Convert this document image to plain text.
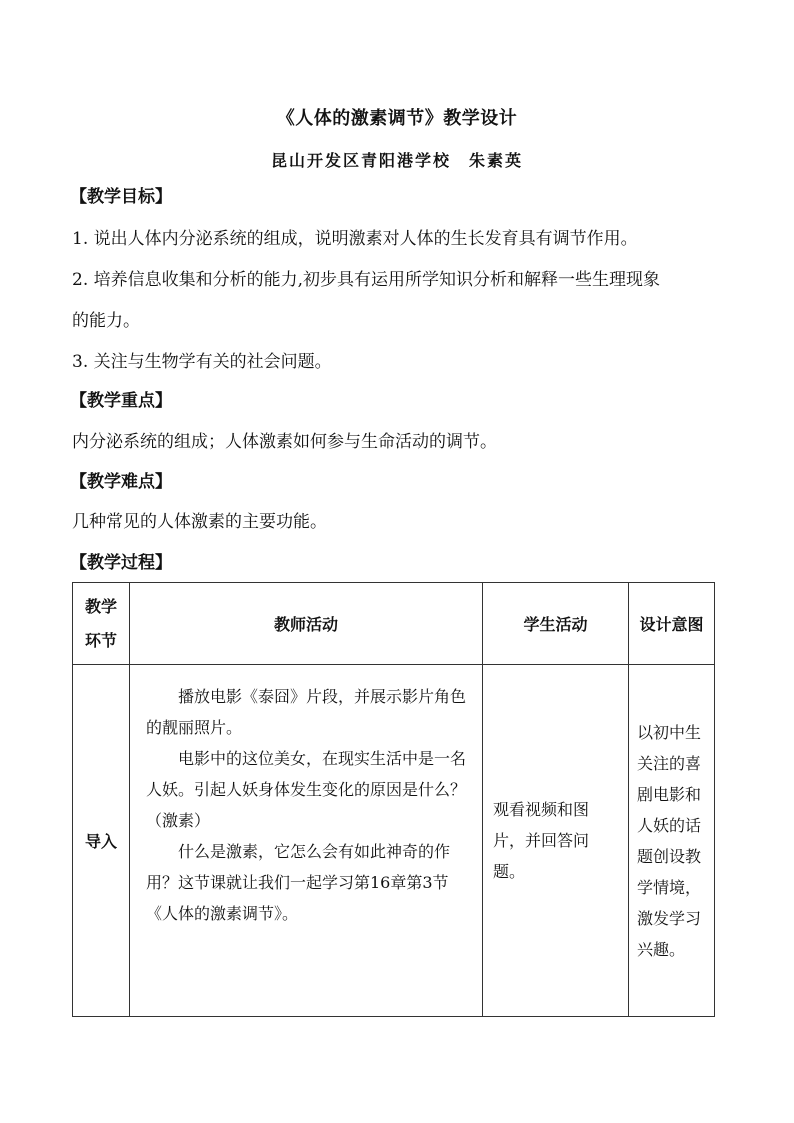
《人体的激素调节》教学设计
昆山开发区青阳港学校 朱素英
【教学目标】
1. 说出人体内分泌系统的组成，说明激素对人体的生长发育具有调节作用。
2. 培养信息收集和分析的能力,初步具有运用所学知识分析和解释一些生理现象
的能力。
3. 关注与生物学有关的社会问题。
【教学重点】
内分泌系统的组成；人体激素如何参与生命活动的调节。
【教学难点】
几种常见的人体激素的主要功能。
【教学过程】
教学
环节	教师活动	学生活动	设计意图
导入	播放电影《泰囧》片段，并展示影片角色的靓丽照片。

电影中的这位美女，在现实生活中是一名人妖。引起人妖身体发生变化的原因是什么？（激素）

什么是激素，它怎么会有如此神奇的作用？这节课就让我们一起学习第16章第3节《人体的激素调节》。	观看视频和图片，并回答问题。	以初中生关注的喜剧电影和人妖的话题创设教学情境，激发学习兴趣。
